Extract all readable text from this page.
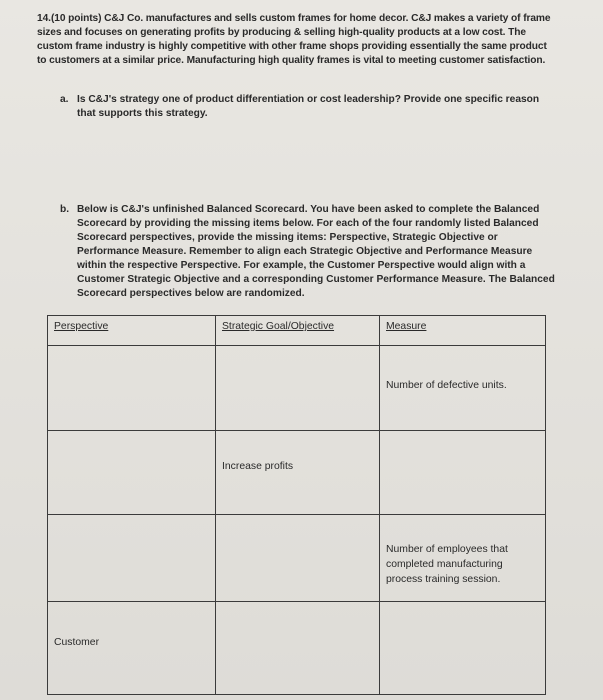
14.(10 points) C&J Co. manufactures and sells custom frames for home decor. C&J makes a variety of frame sizes and focuses on generating profits by producing & selling high-quality products at a low cost. The custom frame industry is highly competitive with other frame shops providing essentially the same product to customers at a similar price. Manufacturing high quality frames is vital to meeting customer satisfaction.
a. Is C&J's strategy one of product differentiation or cost leadership? Provide one specific reason that supports this strategy.
b. Below is C&J's unfinished Balanced Scorecard. You have been asked to complete the Balanced Scorecard by providing the missing items below. For each of the four randomly listed Balanced Scorecard perspectives, provide the missing items: Perspective, Strategic Objective or Performance Measure. Remember to align each Strategic Objective and Performance Measure within the respective Perspective. For example, the Customer Perspective would align with a Customer Strategic Objective and a corresponding Customer Performance Measure. The Balanced Scorecard perspectives below are randomized.
Perspective	Strategic Goal/Objective	Measure

		Number of defective units.

	Increase profits	

		Number of employees that completed manufacturing process training session.

Customer		
